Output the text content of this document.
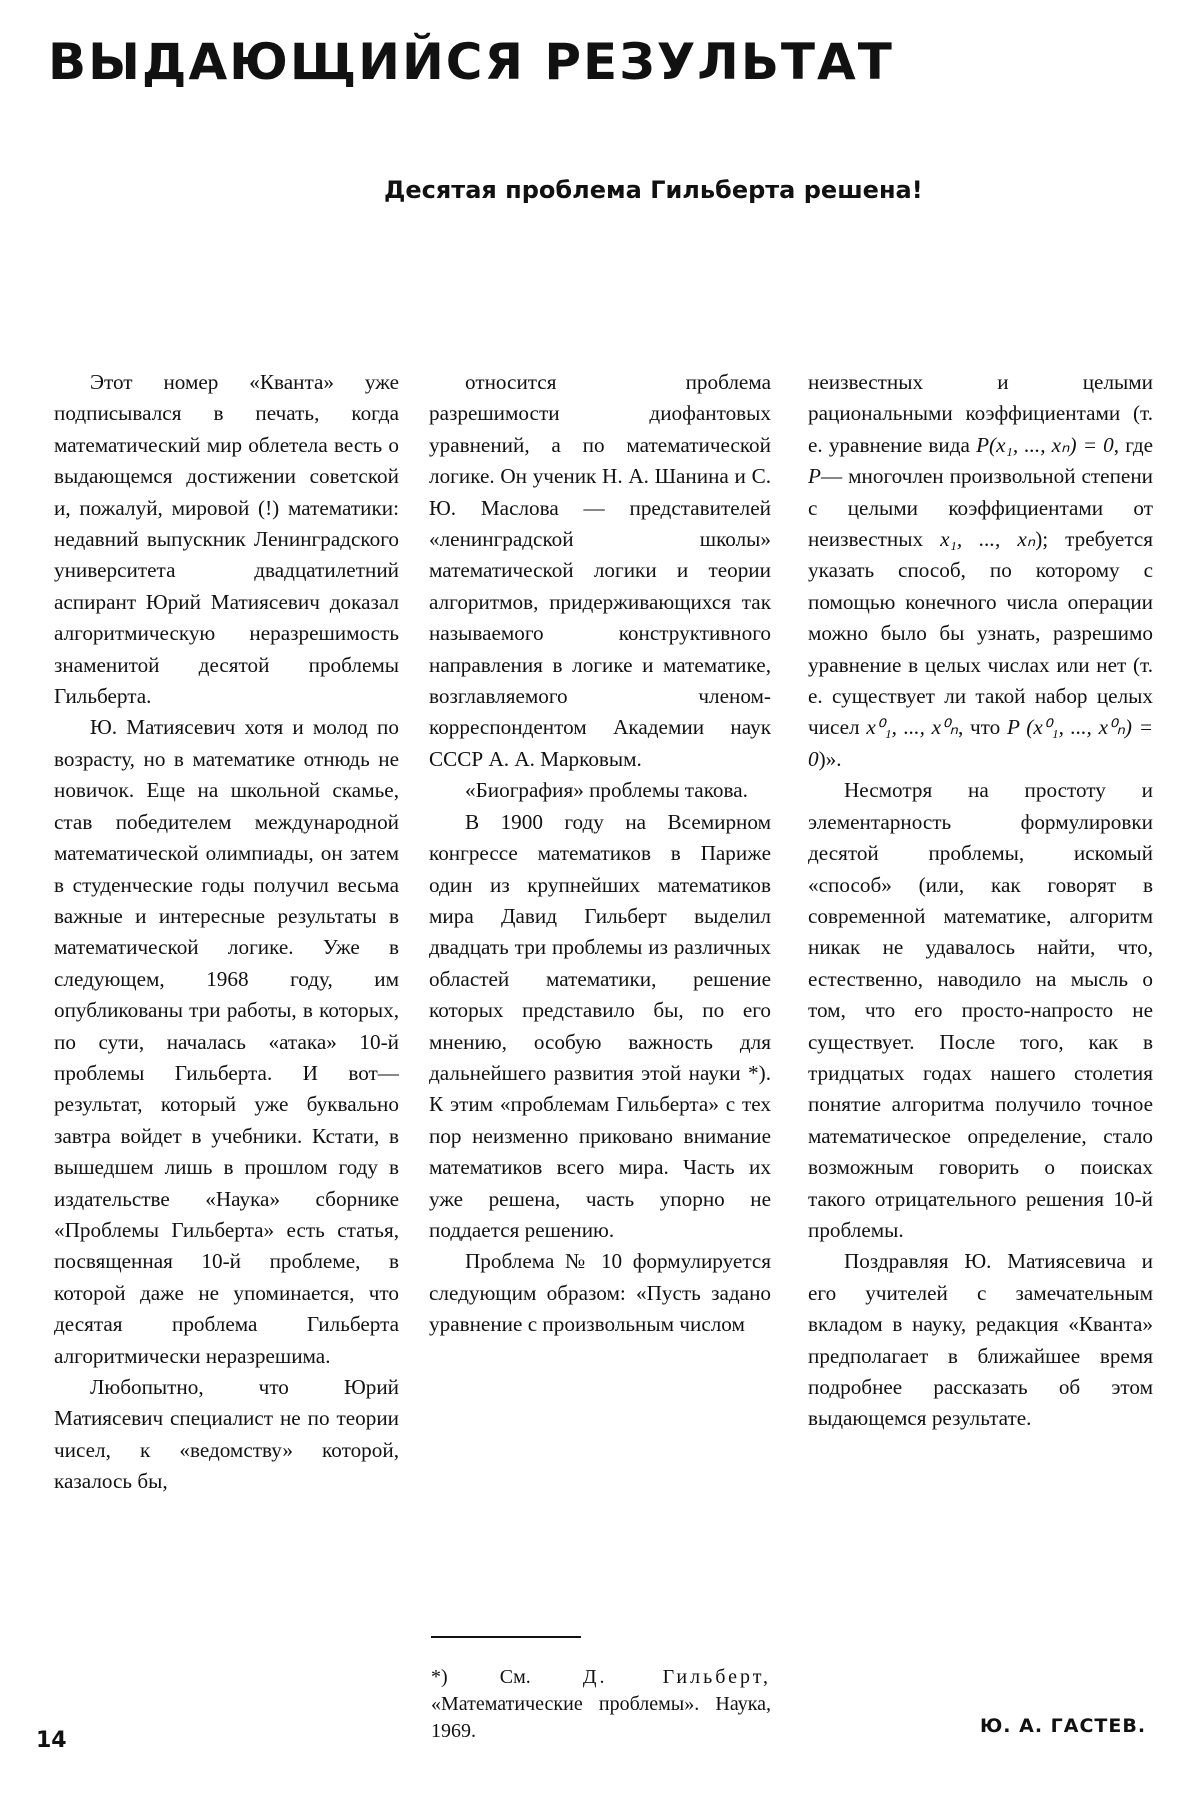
ВЫДАЮЩИЙСЯ РЕЗУЛЬТАТ
Десятая проблема Гильберта решена!

Этот номер «Кванта» уже подписывался в печать, когда математический мир облетела весть о выдающемся достижении советской и, пожалуй, мировой (!) математики: недавний выпускник Ленинградского университета двадцатилетний аспирант Юрий Матиясевич доказал алгоритмическую неразрешимость знаменитой десятой проблемы Гильберта.

Ю. Матиясевич хотя и молод по возрасту, но в математике отнюдь не новичок. Еще на школьной скамье, став победителем международной математической олимпиады, он затем в студенческие годы получил весьма важные и интересные результаты в математической логике. Уже в следующем, 1968 году, им опубликованы три работы, в которых, по сути, началась «атака» 10-й проблемы Гильберта. И вот— результат, который уже буквально завтра войдет в учебники. Кстати, в вышедшем лишь в прошлом году в издательстве «Наука» сборнике «Проблемы Гильберта» есть статья, посвященная 10-й проблеме, в которой даже не упоминается, что десятая проблема Гильберта алгоритмически неразрешима.

Любопытно, что Юрий Матиясевич специалист не по теории чисел, к «ведомству» которой, казалось бы,

относится проблема разрешимости диофантовых уравнений, а по математической логике. Он ученик Н. А. Шанина и С. Ю. Маслова — представителей «ленинградской школы» математической логики и теории алгоритмов, придерживающихся так называемого конструктивного направления в логике и математике, возглавляемого членом-корреспондентом Академии наук СССР А. А. Марковым.

«Биография» проблемы такова.

В 1900 году на Всемирном конгрессе математиков в Париже один из крупнейших математиков мира Давид Гильберт выделил двадцать три проблемы из различных областей математики, решение которых представило бы, по его мнению, особую важность для дальнейшего развития этой науки *). К этим «проблемам Гильберта» с тех пор неизменно приковано внимание математиков всего мира. Часть их уже решена, часть упорно не поддается решению.

Проблема № 10 формулируется следующим образом: «Пусть задано уравнение с произвольным числом

неизвестных и целыми рациональными коэффициентами (т. е. уравнение вида P(x₁, ..., xₙ) = 0, где P— многочлен произвольной степени с целыми коэффициентами от неизвестных x₁, ..., xₙ); требуется указать способ, по которому с помощью конечного числа операции можно было бы узнать, разрешимо уравнение в целых числах или нет (т. е. существует ли такой набор целых чисел x⁰₁, ..., x⁰ₙ, что P (x⁰₁, ..., x⁰ₙ) = 0)».

Несмотря на простоту и элементарность формулировки десятой проблемы, искомый «способ» (или, как говорят в современной математике, алгоритм никак не удавалось найти, что, естественно, наводило на мысль о том, что его просто-напросто не существует. После того, как в тридцатых годах нашего столетия понятие алгоритма получило точное математическое определение, стало возможным говорить о поисках такого отрицательного решения 10-й проблемы.

Поздравляя Ю. Матиясевича и его учителей с замечательным вкладом в науку, редакция «Кванта» предполагает в ближайшее время подробнее рассказать об этом выдающемся результате.

*) См.	Д. Гильберт, «Математические проблемы». Наука, 1969.	Ю. А. ГАСТЕВ.

14
